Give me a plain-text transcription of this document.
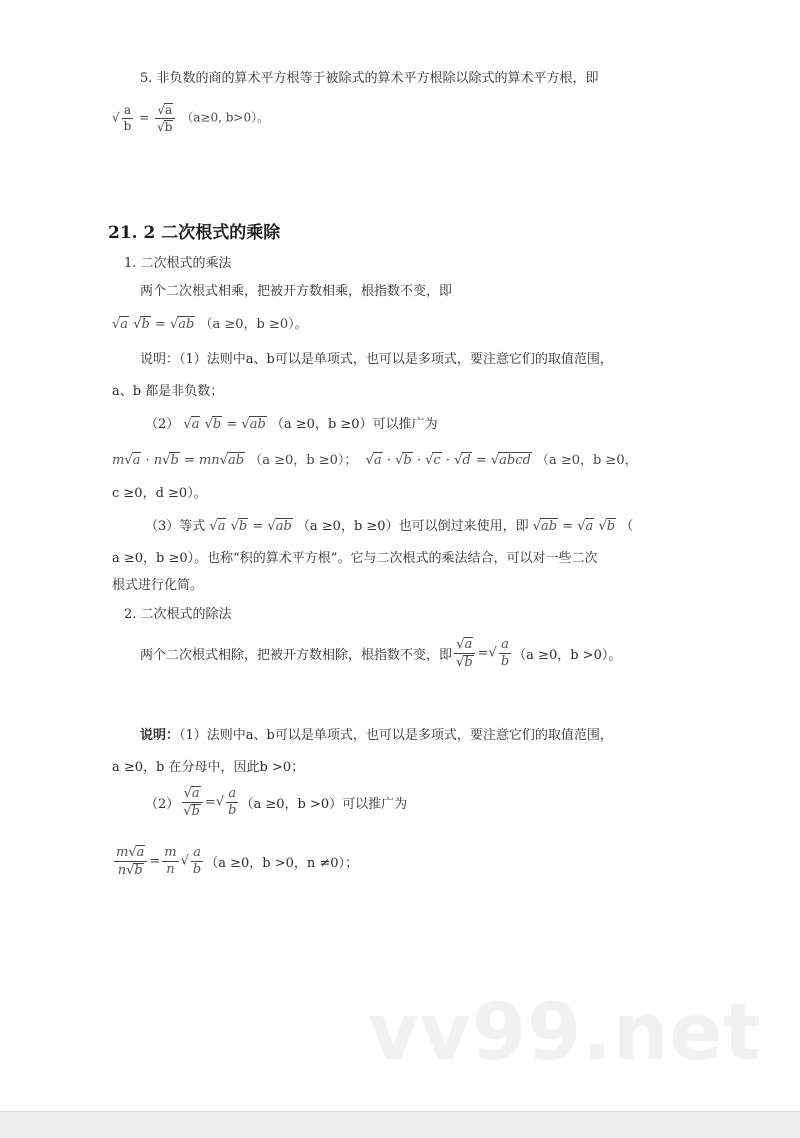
5. 非负数的商的算术平方根等于被除式的算术平方根除以除式的算术平方根，即
√ $\frac{a}{b} = \frac{√a}{√b} (a\ge 0$, b>0）。
21. 2 二次根式的乘除
1. 二次根式的乘法
两个二次根式相乘，把被开方数相乘，根指数不变，即
√a √b = √ab （a ≥0，b ≥0）。
说明：（1）法则中a、b可以是单项式，也可以是多项式，要注意它们的取值范围，
a、b 都是非负数；
（2） √a √b = √ab （a ≥0，b ≥0）可以推广为
m√a · n√b = mn√ab （a ≥0，b ≥0）；  √a · √b · √c · √d = √abcd （a ≥0，b ≥0，
c ≥0，d ≥0）。
（3）等式 √a √b = √ab （a ≥0，b ≥0）也可以倒过来使用，即 √ab = √a √b （
a ≥0，b ≥0）。也称“积的算术平方根”。它与二次根式的乘法结合，可以对一些二次
根式进行化简。
2. 二次根式的除法
两个二次根式相除，把被开方数相除，根指数不变，即 $\frac{√a}{√b}$ = √ $\frac{a}{b} (a \ge 0$，b >0）。
说明：（1）法则中a、b可以是单项式，也可以是多项式，要注意它们的取值范围，
a ≥0，b 在分母中，因此b >0；
$(2) \frac{√a}{√b}$ = √ $\frac{a}{b} (a \ge 0$，b >0）可以推广为
$\frac{m√a}{n√b} = \frac{m}{n}$ √ $\frac{a}{b} (a \ge 0$，b >0，n ≠0）；
vv99.net
